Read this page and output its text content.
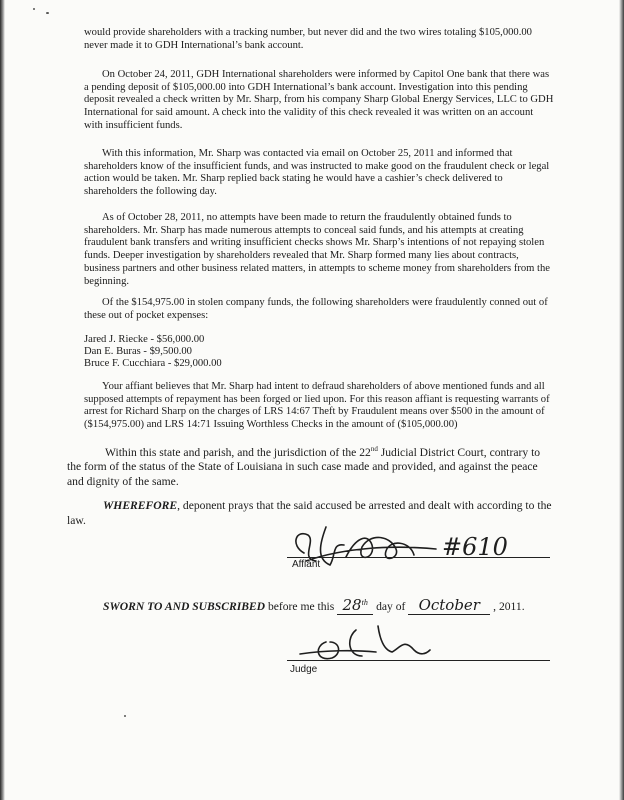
would provide shareholders with a tracking number, but never did and the two wires totaling $105,000.00 never made it to GDH International’s bank account.

On October 24, 2011, GDH International shareholders were informed by Capitol One bank that there was a pending deposit of $105,000.00 into GDH International’s bank account. Investigation into this pending deposit revealed a check written by Mr. Sharp, from his company Sharp Global Energy Services, LLC to GDH International for said amount. A check into the validity of this check revealed it was written on an account with insufficient funds.

With this information, Mr. Sharp was contacted via email on October 25, 2011 and informed that shareholders know of the insufficient funds, and was instructed to make good on the fraudulent check or legal action would be taken. Mr. Sharp replied back stating he would have a cashier’s check delivered to shareholders the following day.

As of October 28, 2011, no attempts have been made to return the fraudulently obtained funds to shareholders. Mr. Sharp has made numerous attempts to conceal said funds, and his attempts at creating fraudulent bank transfers and writing insufficient checks shows Mr. Sharp’s intentions of not repaying stolen funds. Deeper investigation by shareholders revealed that Mr. Sharp formed many lies about contracts, business partners and other business related matters, in attempts to scheme money from shareholders from the beginning.

Of the $154,975.00 in stolen company funds, the following shareholders were fraudulently conned out of these out of pocket expenses:

Jared J. Riecke - $56,000.00
Dan E. Buras - $9,500.00
Bruce F. Cucchiara - $29,000.00

Your affiant believes that Mr. Sharp had intent to defraud shareholders of above mentioned funds and all supposed attempts of repayment has been forged or lied upon. For this reason affiant is requesting warrants of arrest for Richard Sharp on the charges of LRS 14:67 Theft by Fraudulent means over $500 in the amount of ($154,975.00) and LRS 14:71 Issuing Worthless Checks in the amount of ($105,000.00)

Within this state and parish, and the jurisdiction of the 22nd Judicial District Court, contrary to the form of the status of the State of Louisiana in such case made and provided, and against the peace and dignity of the same.

WHEREFORE, deponent prays that the said accused be arrested and dealt with according to the law.

#610
Affiant
SWORN TO AND SUBSCRIBED before me this 28th day of October , 2011.
Judge
